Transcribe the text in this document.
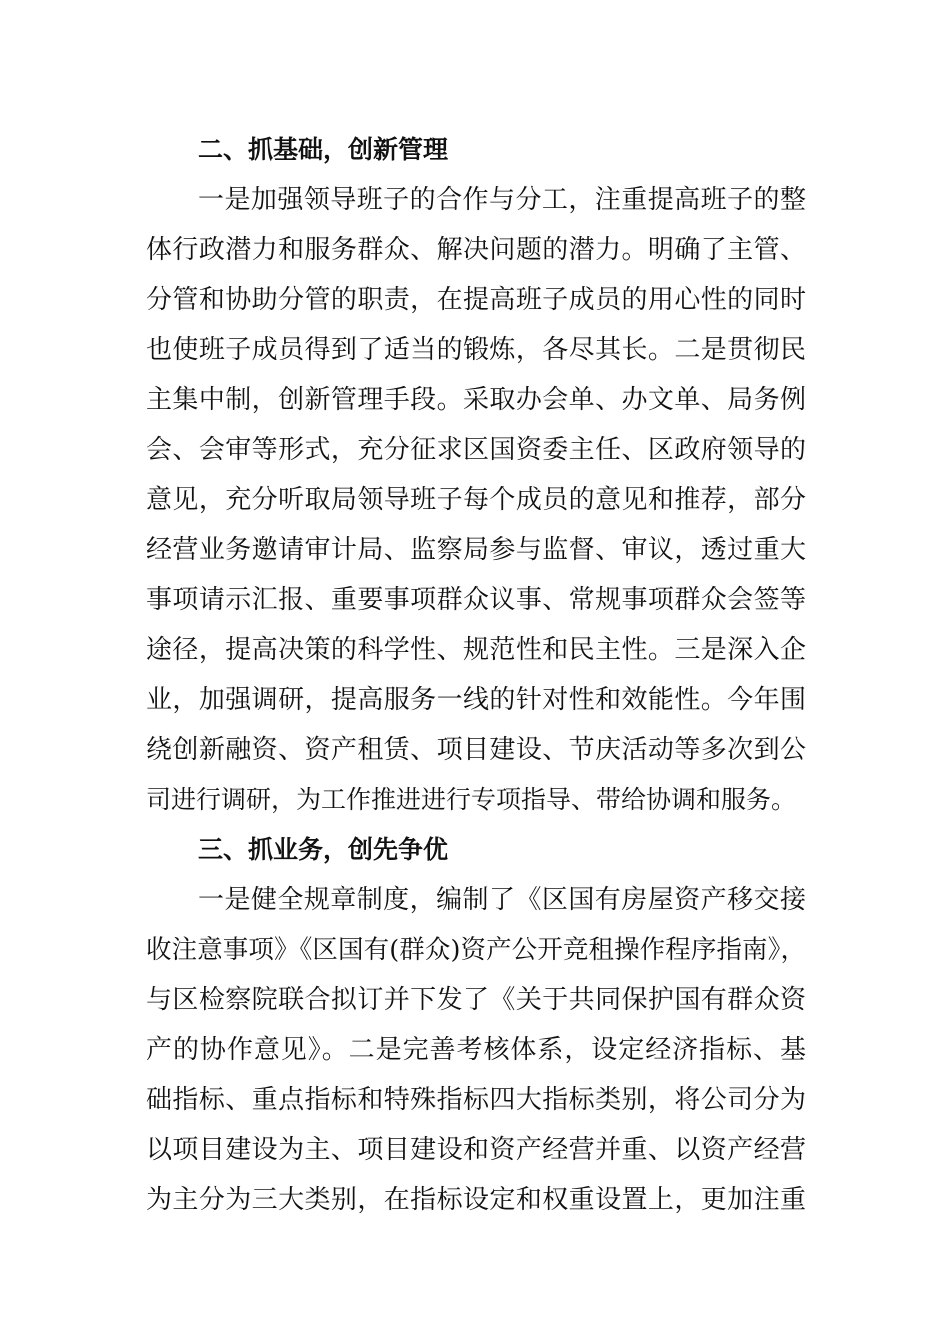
二、抓基础，创新管理
一是加强领导班子的合作与分工，注重提高班子的整
体行政潜力和服务群众、解决问题的潜力。明确了主管、
分管和协助分管的职责，在提高班子成员的用心性的同时
也使班子成员得到了适当的锻炼，各尽其长。二是贯彻民
主集中制，创新管理手段。采取办会单、办文单、局务例
会、会审等形式，充分征求区国资委主任、区政府领导的
意见，充分听取局领导班子每个成员的意见和推荐，部分
经营业务邀请审计局、监察局参与监督、审议，透过重大
事项请示汇报、重要事项群众议事、常规事项群众会签等
途径，提高决策的科学性、规范性和民主性。三是深入企
业，加强调研，提高服务一线的针对性和效能性。今年围
绕创新融资、资产租赁、项目建设、节庆活动等多次到公
司进行调研，为工作推进进行专项指导、带给协调和服务。
三、抓业务，创先争优
一是健全规章制度，编制了《区国有房屋资产移交接
收注意事项》《区国有(群众)资产公开竞租操作程序指南》，
与区检察院联合拟订并下发了《关于共同保护国有群众资
产的协作意见》。二是完善考核体系，设定经济指标、基
础指标、重点指标和特殊指标四大指标类别，将公司分为
以项目建设为主、项目建设和资产经营并重、以资产经营
为主分为三大类别，在指标设定和权重设置上，更加注重
